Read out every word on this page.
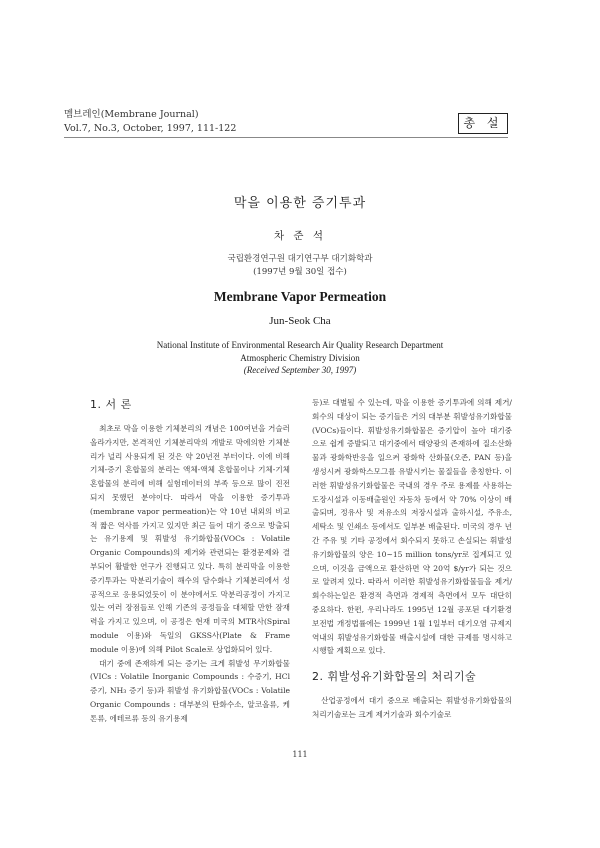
멤브레인(Membrane Journal)
Vol.7, No.3, October, 1997, 111-122	총 설
막을 이용한 증기투과
차 준 석
국립환경연구원 대기연구부 대기화학과
(1997년 9월 30일 접수)
Membrane Vapor Permeation
Jun-Seok Cha
National Institute of Environmental Research Air Quality Research Department
Atmospheric Chemistry Division
(Received September 30, 1997)

1. 서 론

최초로 막을 이용한 기체분리의 개념은 100여년을 거슬러 올라가지만, 본격적인 기체분리막의 개발로 막에의한 기체분리가 널리 사용되게 된 것은 약 20년전 부터이다. 이에 비해 기체-증기 혼합물의 분리는 액체-액체 혼합물이나 기체-기체 혼합물의 분리에 비해 실험데이터의 부족 등으로 많이 진전되지 못했던 분야이다. 따라서 막을 이용한 증기투과 (membrane vapor permeation)는 약 10년 내외의 비교적 짧은 역사를 가지고 있지만 최근 들어 대기 중으로 방출되는 유기용제 및 휘발성 유기화합물(VOCs : Volatile Organic Compounds)의 제거와 관련되는 환경문제와 결부되어 활발한 연구가 진행되고 있다. 특히 분리막을 이용한 증기투과는 막분리기술이 해수의 담수화나 기체분리에서 성공적으로 응용되었듯이 이 분야에서도 막분리공정이 가지고 있는 여러 장점들로 인해 기존의 공정들을 대체할 만한 잠재력을 가지고 있으며, 이 공정은 현재 미국의 MTR사(Spiral module 이용)와 독일의 GKSS사(Plate & Frame module 이용)에 의해 Pilot Scale로 상업화되어 있다.

대기 중에 존재하게 되는 증기는 크게 휘발성 무기화합물(VICs : Volatile Inorganic Compounds : 수증기, HCl 증기, NH₃ 증기 등)과 휘발성 유기화합물(VOCs : Volatile Organic Compounds : 대부분의 탄화수소, 알코올류, 케톤류, 에테르류 등의 유기용제

등)로 대별될 수 있는데, 막을 이용한 증기투과에 의해 제거/회수의 대상이 되는 증기들은 거의 대부분 휘발성유기화합물(VOCs)들이다. 휘발성유기화합물은 증기압이 높아 대기중으로 쉽게 증발되고 대기중에서 태양광의 존재하에 질소산화물과 광화학반응을 일으켜 광화학 산화물(오존, PAN 등)을 생성시켜 광화학스모그를 유발시키는 물질들을 총칭한다. 이러한 휘발성유기화합물은 국내의 경우 주로 용제를 사용하는 도장시설과 이동배출원인 자동차 등에서 약 70% 이상이 배출되며, 정유사 및 저유소의 저장시설과 출하시설, 주유소, 세탁소 및 인쇄소 등에서도 일부분 배출된다. 미국의 경우 년간 주유 및 기타 공정에서 회수되지 못하고 손실되는 휘발성유기화합물의 양은 10~15 million tons/yr로 집계되고 있으며, 이것을 금액으로 환산하면 약 20억 $/yr가 되는 것으로 알려져 있다. 따라서 이러한 휘발성유기화합물들을 제거/회수하는일은 환경적 측면과 경제적 측면에서 모두 대단히 중요하다. 한편, 우리나라도 1995년 12월 공포된 대기환경보전법 개정법률에는 1999년 1월 1일부터 대기오염 규제지역내의 휘발성유기화합물 배출시설에 대한 규제를 명시하고 시행할 계획으로 있다.

2. 휘발성유기화합물의 처리기술

산업공정에서 대기 중으로 배출되는 휘발성유기화합물의 처리기술로는 크게 제거기술과 회수기술로

111
